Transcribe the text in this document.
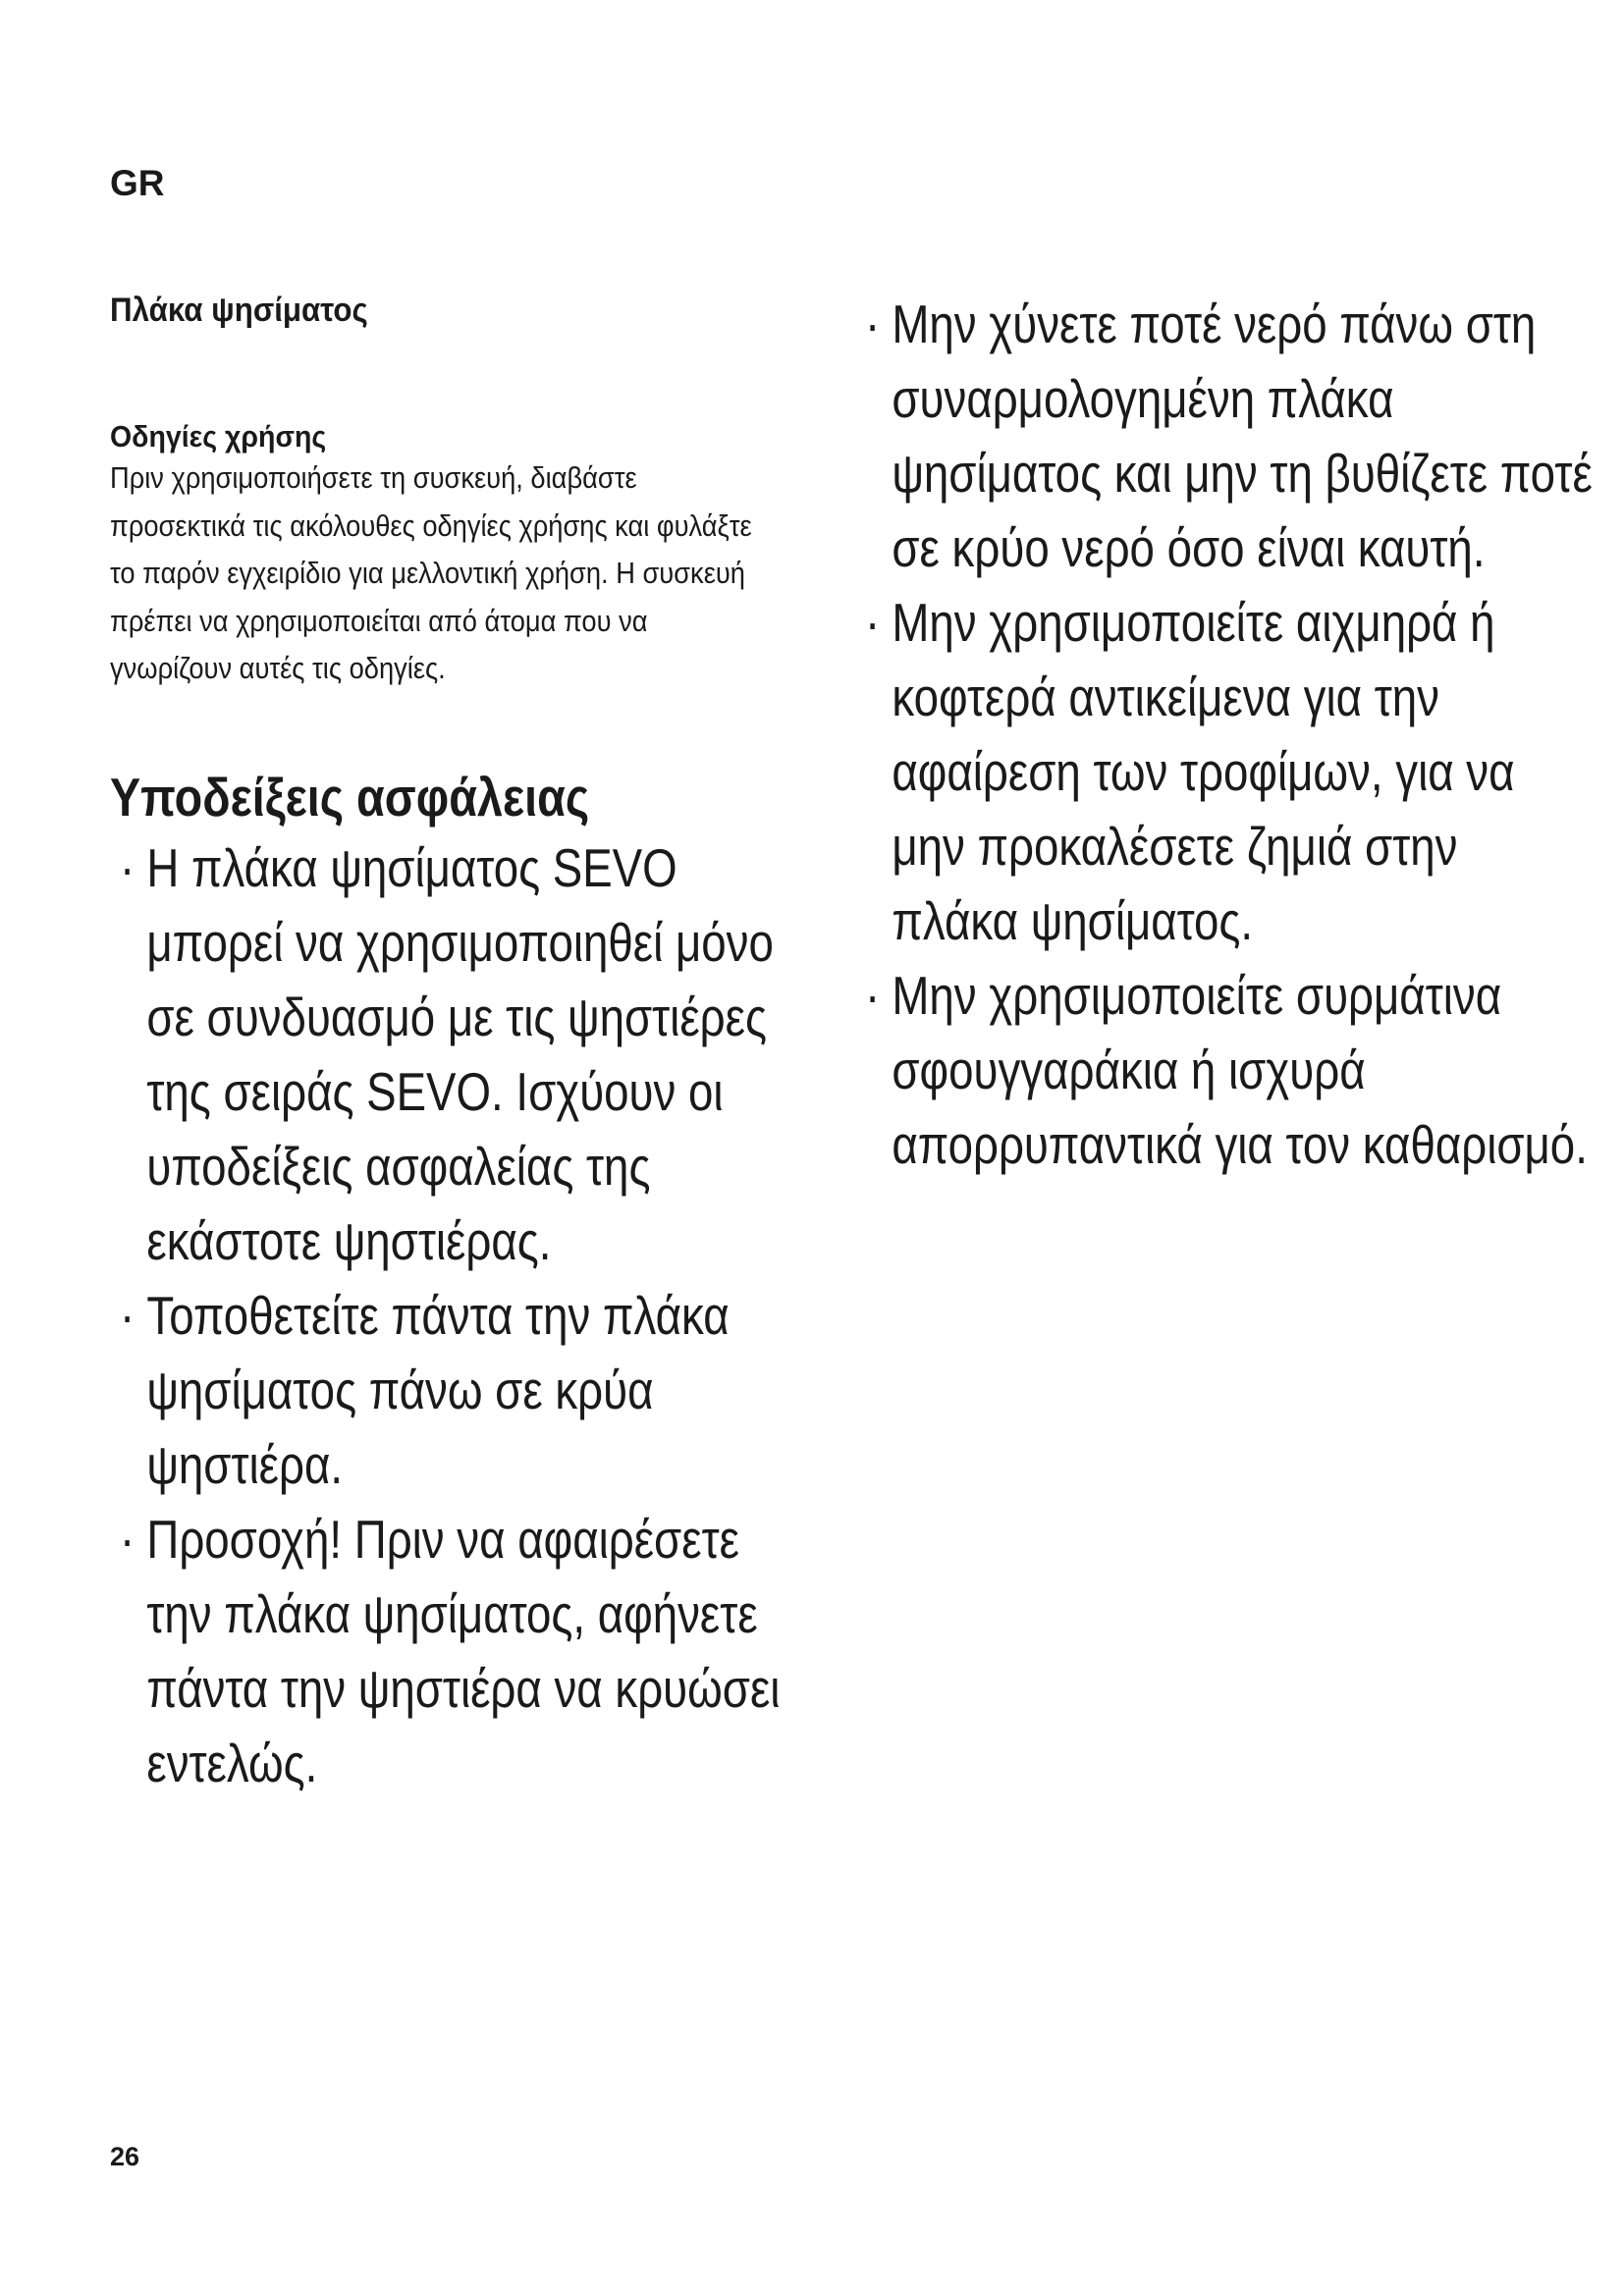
GR
Πλάκα ψησίματος
Οδηγίες χρήσης

Πριν χρησιμοποιήσετε τη συσκευή, διαβάστε προσεκτικά τις ακόλουθες οδηγίες χρήσης και φυλάξτε το παρόν εγχειρίδιο για μελλοντική χρήση. Η συσκευή πρέπει να χρησιμοποιείται από άτομα που να γνωρίζουν αυτές τις οδηγίες.

Υποδείξεις ασφάλειας
· Η πλάκα ψησίματος SEVO μπορεί να χρησιμοποιηθεί μόνο σε συνδυασμό με τις ψηστιέρες της σειράς SEVO. Ισχύουν οι υποδείξεις ασφαλείας της εκάστοτε ψηστιέρας.
· Τοποθετείτε πάντα την πλάκα ψησίματος πάνω σε κρύα ψηστιέρα.
· Προσοχή! Πριν να αφαιρέσετε την πλάκα ψησίματος, αφήνετε πάντα την ψηστιέρα να κρυώσει εντελώς.
· Μην χύνετε ποτέ νερό πάνω στη συναρμολογημένη πλάκα ψησίματος και μην τη βυθίζετε ποτέ σε κρύο νερό όσο είναι καυτή.
· Μην χρησιμοποιείτε αιχμηρά ή κοφτερά αντικείμενα για την αφαίρεση των τροφίμων, για να μην προκαλέσετε ζημιά στην πλάκα ψησίματος.
· Μην χρησιμοποιείτε συρμάτινα σφουγγαράκια ή ισχυρά απορρυπαντικά για τον καθαρισμό.
26
